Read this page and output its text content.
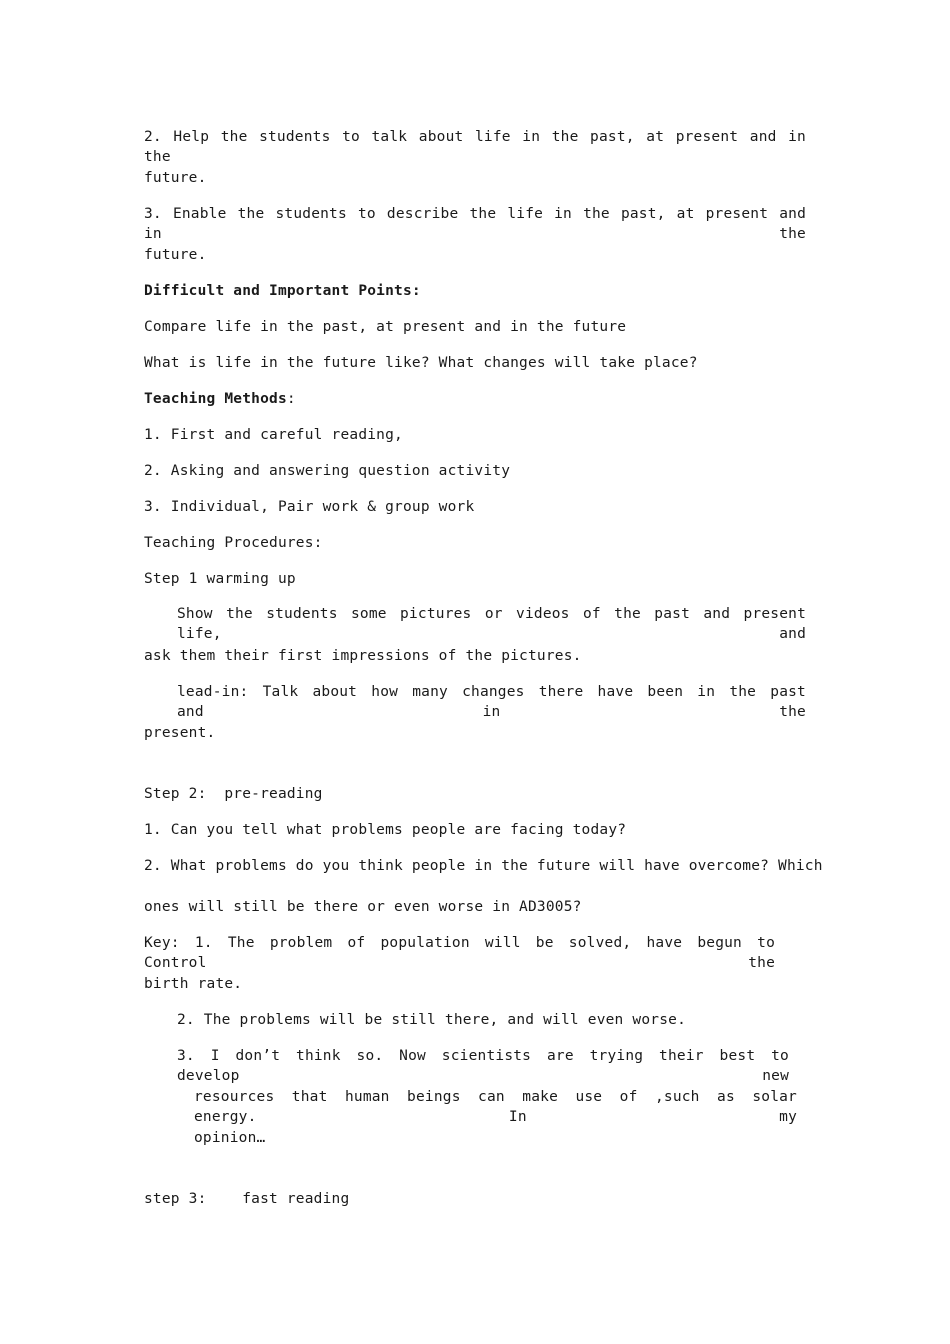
2. Help the students to talk about life in the past, at present and in the
future.
3. Enable the students to describe the life in the past, at present and in the
future.
Difficult and Important Points:
Compare life in the past, at present and in the future
What is life in the future like? What changes will take place?
Teaching Methods:
1. First and careful reading,
2. Asking and answering question activity
3. Individual, Pair work & group work
Teaching Procedures:
Step 1 warming up
Show the students some pictures or videos of the past and present life, and
ask them their first impressions of the pictures.
lead-in: Talk about how many changes there have been in the past and in the
present.
Step 2:  pre-reading
1. Can you tell what problems people are facing today?
2. What problems do you think people in the future will have overcome? Which
ones will still be there or even worse in AD3005?
Key: 1. The problem of population will be solved, have begun to Control the
birth rate.
2. The problems will be still there, and will even worse.
3. I don’t think so. Now scientists are trying their best to develop new
resources that human beings can make use of ,such as solar energy. In my
opinion…
step 3:    fast reading
